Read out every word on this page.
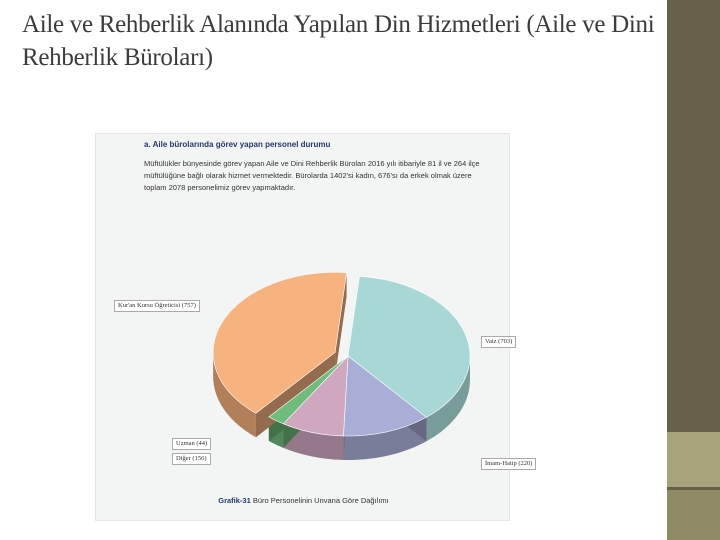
Aile ve Rehberlik Alanında Yapılan Din Hizmetleri (Aile ve Dini Rehberlik Büroları)
a. Aile bürolarında görev yapan personel durumu
Müftülükler bünyesinde görev yapan Aile ve Dini Rehberlik Büroları 2016 yılı itibariyle 81 il ve 264 ilçe müftülüğüne bağlı olarak hizmet vermektedir. Bürolarda 1402'si kadın, 676'sı da erkek olmak üzere toplam 2078 personelimiz görev yapmaktadır.
Kur'an Kursu Öğreticisi (757)
Vaiz (703)
Uzman (44)
Diğer (156)
İmam-Hatip (220)
Grafik-31 Büro Personelinin Unvana Göre Dağılımı
